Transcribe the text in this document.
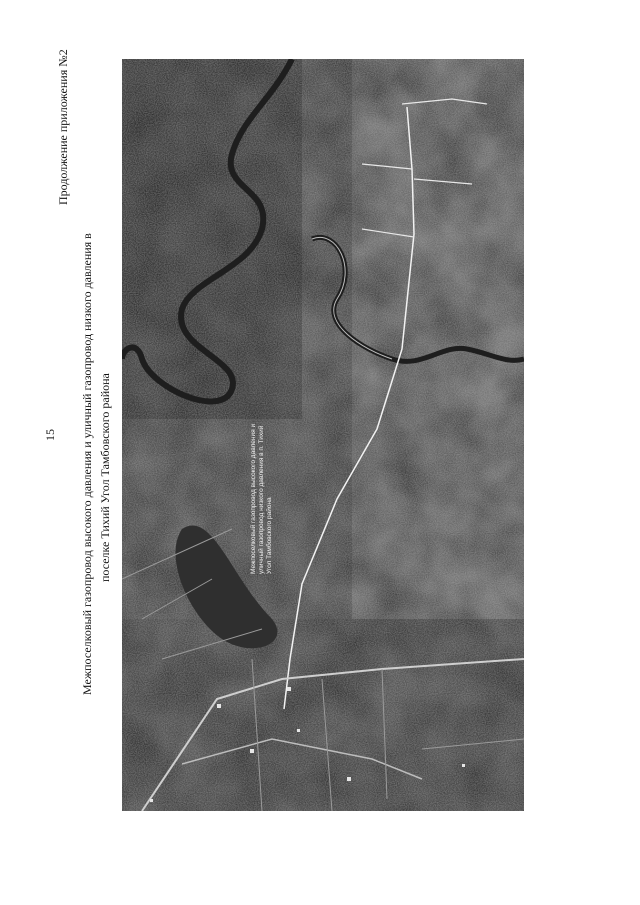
15
Продолжение приложения №2
Межпоселковый газопровод высокого давления и уличный газопровод низкого давления в поселке Тихий Угол Тамбовского района	Межпоселковый газопровод высокого давления и уличный газопровод низкого давления в п. Тихий Угол Тамбовского района
